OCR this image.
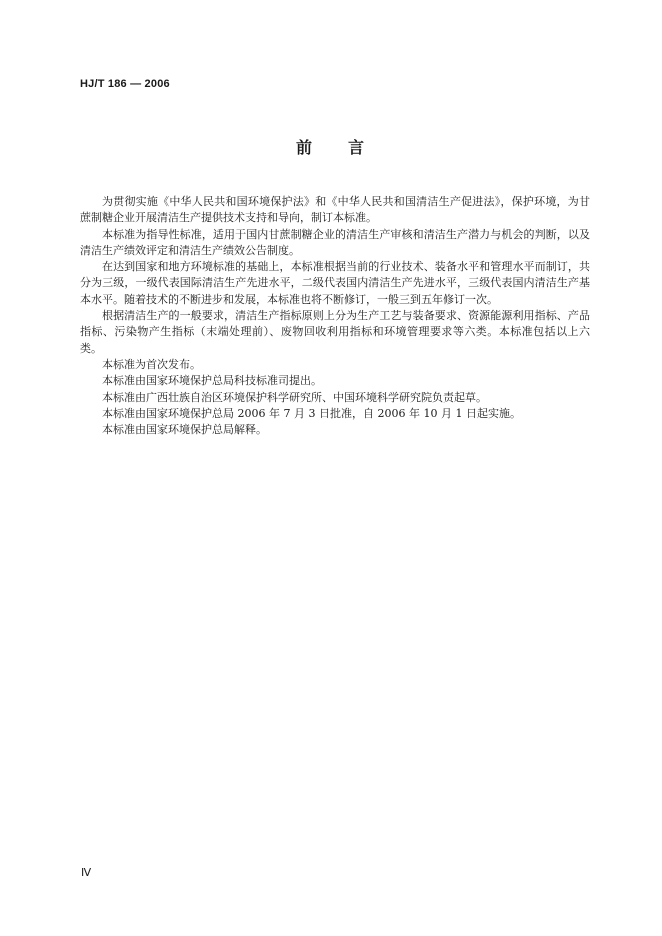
HJ/T 186 — 2006
前 言

为贯彻实施《中华人民共和国环境保护法》和《中华人民共和国清洁生产促进法》，保护环境，为甘蔗制糖企业开展清洁生产提供技术支持和导向，制订本标准。

本标准为指导性标准，适用于国内甘蔗制糖企业的清洁生产审核和清洁生产潜力与机会的判断，以及清洁生产绩效评定和清洁生产绩效公告制度。

在达到国家和地方环境标准的基础上，本标准根据当前的行业技术、装备水平和管理水平而制订，共分为三级，一级代表国际清洁生产先进水平，二级代表国内清洁生产先进水平，三级代表国内清洁生产基本水平。随着技术的不断进步和发展，本标准也将不断修订，一般三到五年修订一次。

根据清洁生产的一般要求，清洁生产指标原则上分为生产工艺与装备要求、资源能源利用指标、产品指标、污染物产生指标（末端处理前）、废物回收利用指标和环境管理要求等六类。本标准包括以上六类。

本标准为首次发布。

本标准由国家环境保护总局科技标准司提出。

本标准由广西壮族自治区环境保护科学研究所、中国环境科学研究院负责起草。

本标准由国家环境保护总局 2006 年 7 月 3 日批准，自 2006 年 10 月 1 日起实施。

本标准由国家环境保护总局解释。

Ⅳ
